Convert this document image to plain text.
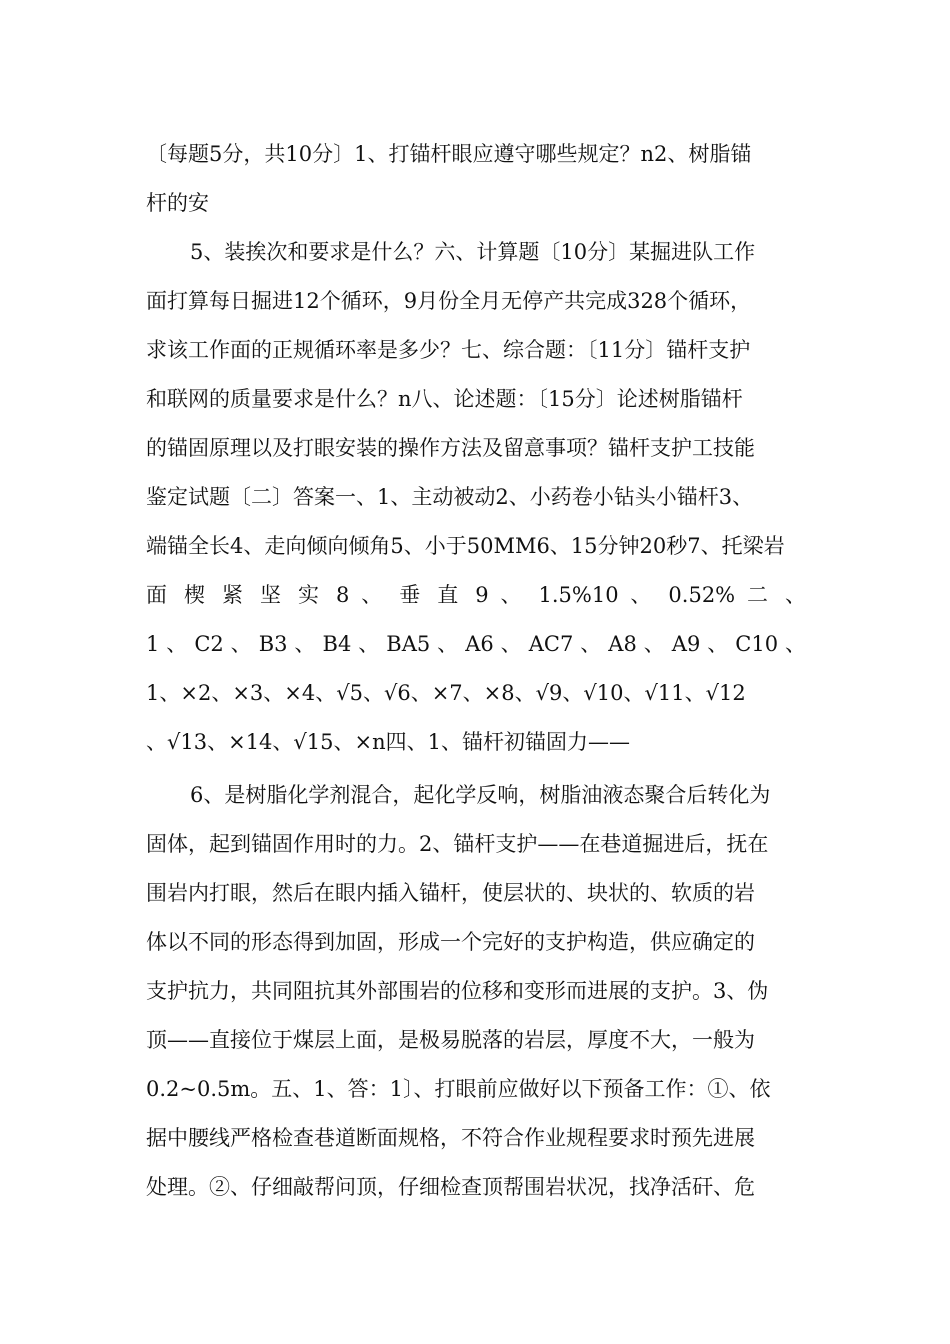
〔每题5分，共10分〕1、打锚杆眼应遵守哪些规定？n2、树脂锚
杆的安
5、装挨次和要求是什么？六、计算题〔10分〕某掘进队工作
面打算每日掘进12个循环，9月份全月无停产共完成328个循环，
求该工作面的正规循环率是多少？七、综合题：〔11分〕锚杆支护
和联网的质量要求是什么？n八、论述题：〔15分〕论述树脂锚杆
的锚固原理以及打眼安装的操作方法及留意事项？锚杆支护工技能
鉴定试题〔二〕答案一、1、主动被动2、小药卷小钻头小锚杆3、
端锚全长4、走向倾向倾角5、小于50MM6、15分钟20秒7、托梁岩
面 楔 紧 坚 实 8 、 垂 直 9 、 1.5%10 、 0.52% 二 、
1 、 C2 、 B3 、 B4 、 BA5 、 A6 、 AC7 、 A8 、 A9 、 C10 、
1、×2、×3、×4、√5、√6、×7、×8、√9、√10、√11、√12
、√13、×14、√15、×n四、1、锚杆初锚固力——
6、是树脂化学剂混合，起化学反响，树脂油液态聚合后转化为
固体，起到锚固作用时的力。2、锚杆支护——在巷道掘进后，抚在
围岩内打眼，然后在眼内插入锚杆，使层状的、块状的、软质的岩
体以不同的形态得到加固，形成一个完好的支护构造，供应确定的
支护抗力，共同阻抗其外部围岩的位移和变形而进展的支护。3、伪
顶——直接位于煤层上面，是极易脱落的岩层，厚度不大，一般为
0.2~0.5m。五、1、答：1〕、打眼前应做好以下预备工作：①、依
据中腰线严格检查巷道断面规格，不符合作业规程要求时预先进展
处理。②、仔细敲帮问顶，仔细检查顶帮围岩状况，找净活矸、危
